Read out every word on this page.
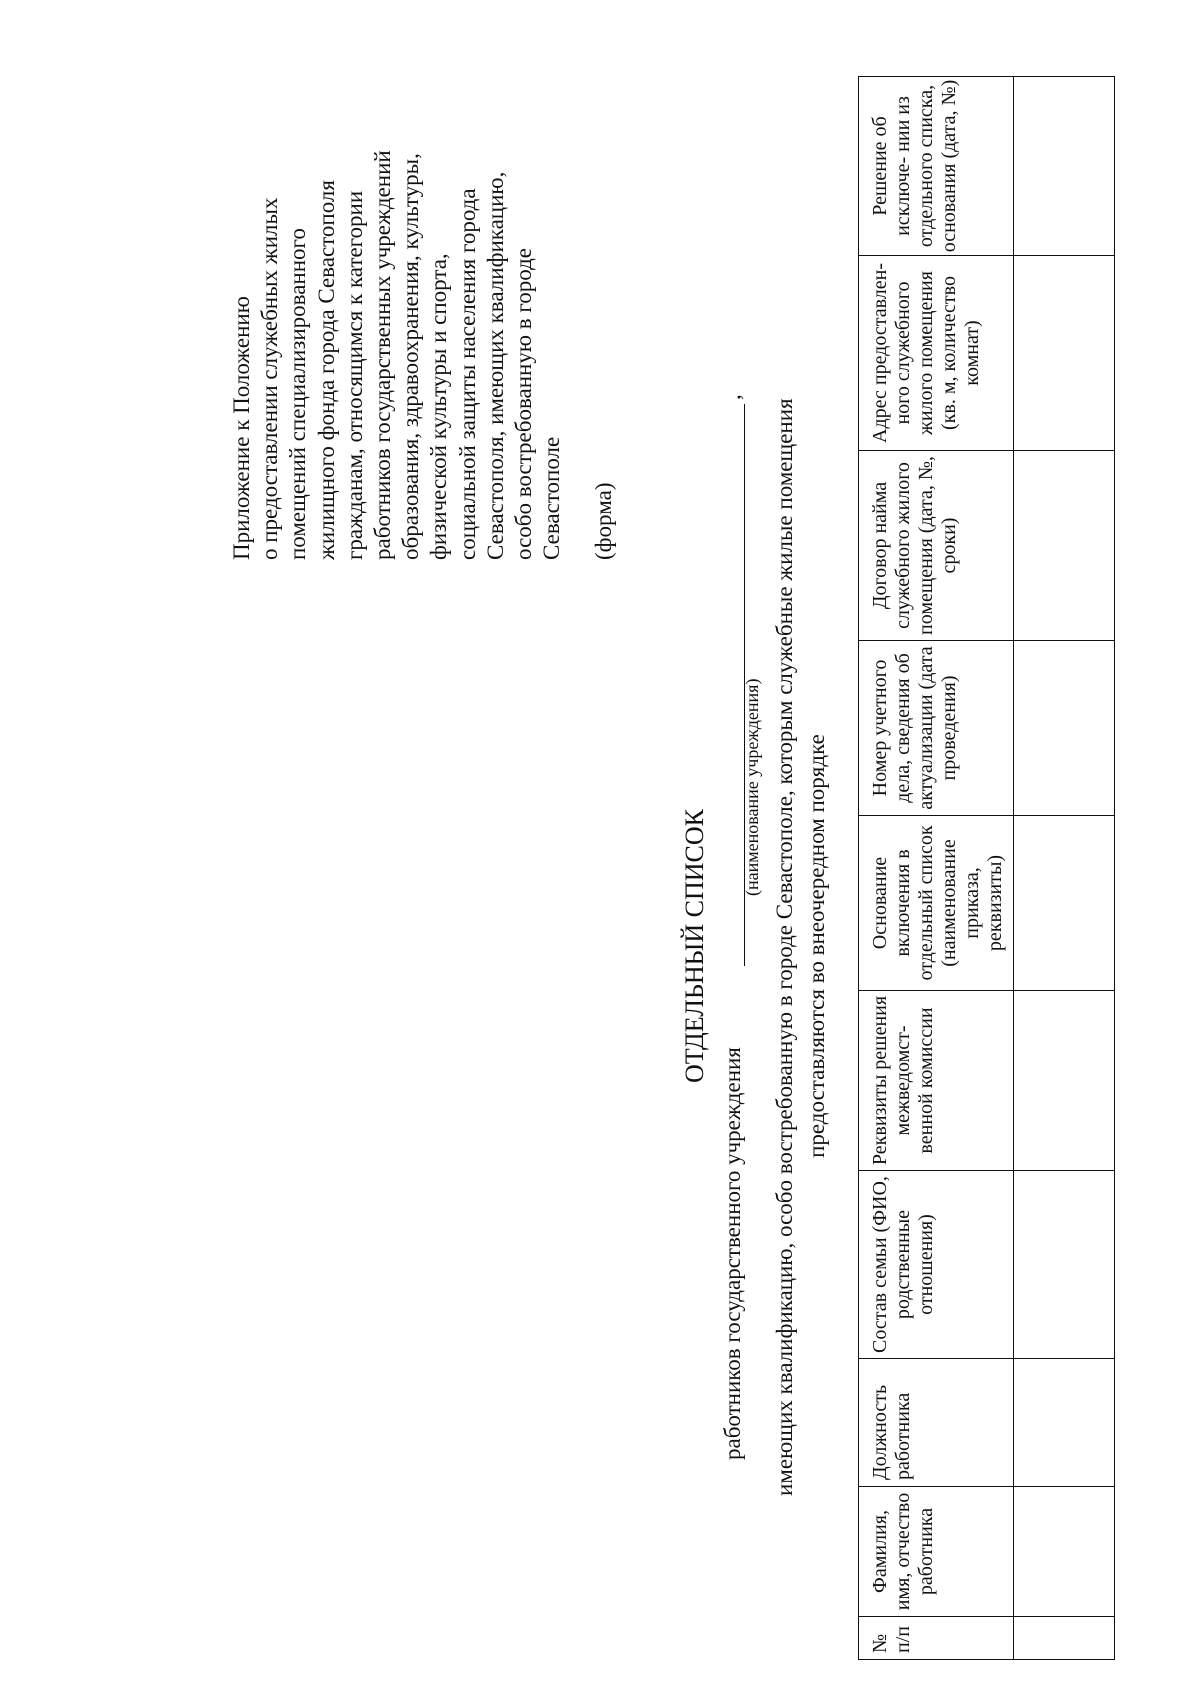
Приложение к Положению о предоставлении служебных жилых помещений специализированного жилищного фонда города Севастополя гражданам, относящимся к категории работников государственных учреждений образования, здравоохранения, культуры, физической культуры и спорта, социальной защиты населения города Севастополя, имеющих квалификацию, особо востребованную в городе Севастополе (форма)
ОТДЕЛЬНЫЙ СПИСОК
работников государственного учреждения
,
(наименование учреждения) имеющих квалификацию, особо востребованную в городе Севастополе, которым служебные жилые помещения предоставляются во внеочередном порядке
№ п/п	Фамилия, имя, отчество работника	Должность работника	Состав семьи (ФИО, родственные отношения)	Реквизиты решения межведомст- венной комиссии	Основание включения в отдельный список (наименование приказа, реквизиты)	Номер учетного дела, сведения об актуализации (дата проведения)	Договор найма служебного жилого помещения (дата, №, сроки)	Адрес предоставлен- ного служебного жилого помещения (кв. м, количество комнат)	Решение об исключе- нии из отдельного списка, основания (дата, №)
